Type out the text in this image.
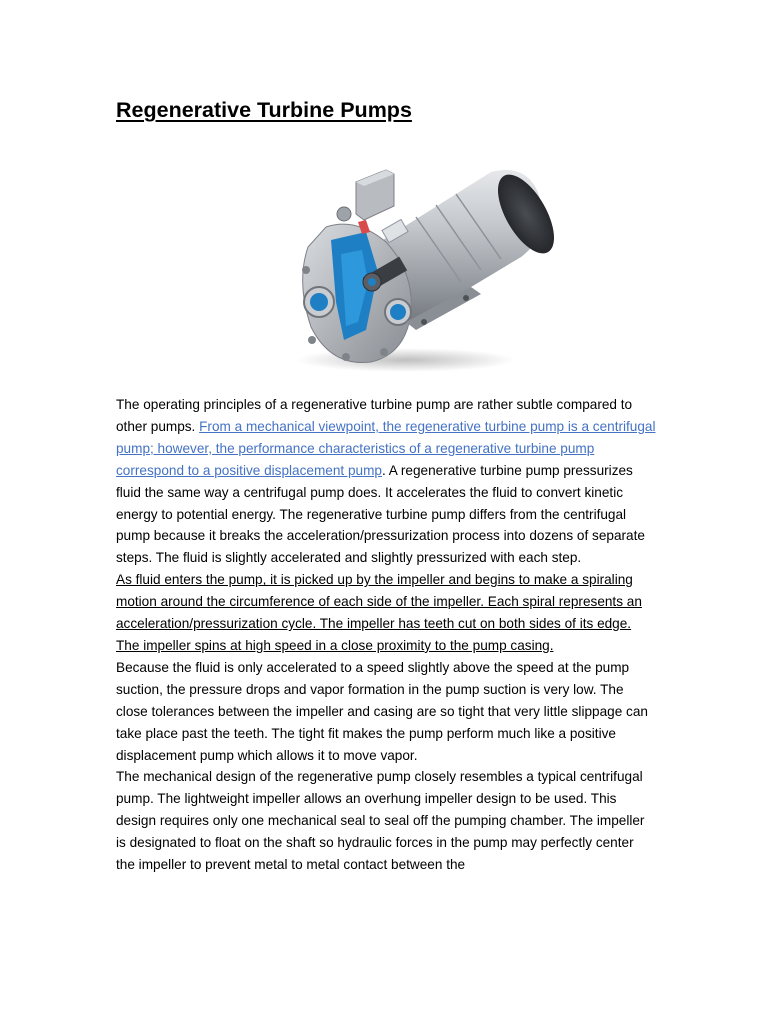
Regenerative Turbine Pumps

The operating principles of a regenerative turbine pump are rather subtle compared to other pumps. From a mechanical viewpoint, the regenerative turbine pump is a centrifugal pump; however, the performance characteristics of a regenerative turbine pump correspond to a positive displacement pump. A regenerative turbine pump pressurizes fluid the same way a centrifugal pump does. It accelerates the fluid to convert kinetic energy to potential energy. The regenerative turbine pump differs from the centrifugal pump because it breaks the acceleration/pressurization process into dozens of separate steps. The fluid is slightly accelerated and slightly pressurized with each step.

As fluid enters the pump, it is picked up by the impeller and begins to make a spiraling motion around the circumference of each side of the impeller. Each spiral represents an acceleration/pressurization cycle. The impeller has teeth cut on both sides of its edge. The impeller spins at high speed in a close proximity to the pump casing.

Because the fluid is only accelerated to a speed slightly above the speed at the pump suction, the pressure drops and vapor formation in the pump suction is very low. The close tolerances between the impeller and casing are so tight that very little slippage can take place past the teeth. The tight fit makes the pump perform much like a positive displacement pump which allows it to move vapor.

The mechanical design of the regenerative pump closely resembles a typical centrifugal pump. The lightweight impeller allows an overhung impeller design to be used. This design requires only one mechanical seal to seal off the pumping chamber. The impeller is designated to float on the shaft so hydraulic forces in the pump may perfectly center the impeller to prevent metal to metal contact between the
